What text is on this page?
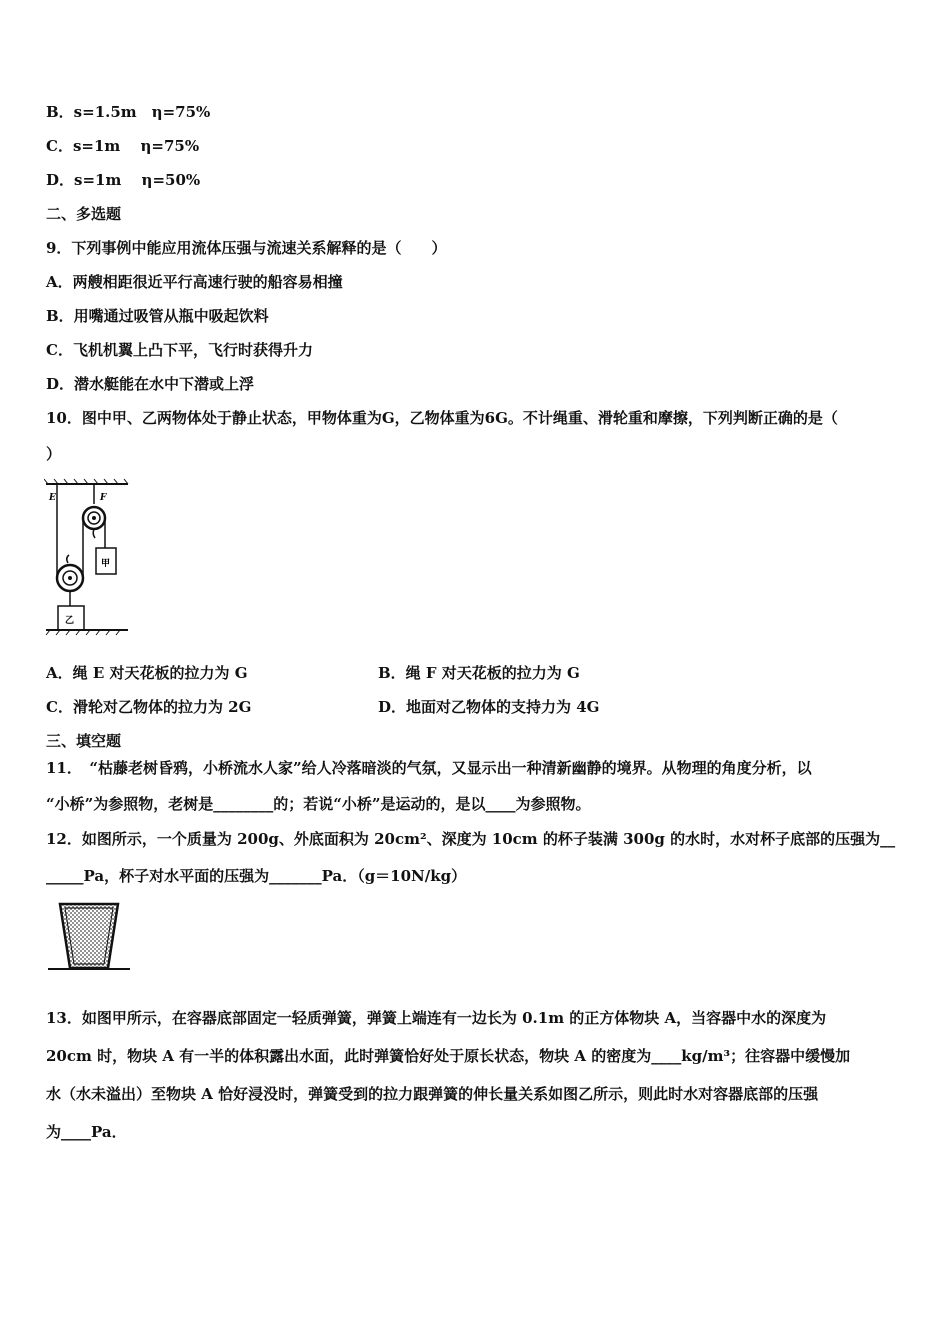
B．s=1.5m　η=75%
C．s=1m　 η=75%
D．s=1m　 η=50%
二、多选题
9．下列事例中能应用流体压强与流速关系解释的是（　　）
A．两艘相距很近平行高速行驶的船容易相撞
B．用嘴通过吸管从瓶中吸起饮料
C．飞机机翼上凸下平，飞行时获得升力
D．潜水艇能在水中下潜或上浮
10．图中甲、乙两物体处于静止状态，甲物体重为G，乙物体重为6G。不计绳重、滑轮重和摩擦，下列判断正确的是（
）
E	F
甲
乙
A．绳 E 对天花板的拉力为 G	B．绳 F 对天花板的拉力为 G
C．滑轮对乙物体的拉力为 2G	D．地面对乙物体的支持力为 4G
三、填空题
11．　“枯藤老树昏鸦，小桥流水人家”给人冷落暗淡的气氛，又显示出一种清新幽静的境界。从物理的角度分析，以
“小桥”为参照物，老树是________的；若说“小桥”是运动的，是以____为参照物。
12．如图所示，一个质量为 200g、外底面积为 20cm²、深度为 10cm 的杯子装满 300g 的水时，水对杯子底部的压强为__
_____Pa，杯子对水平面的压强为_______Pa．（g＝10N/kg）
13．如图甲所示，在容器底部固定一轻质弹簧，弹簧上端连有一边长为 0.1m 的正方体物块 A，当容器中水的深度为
20cm 时，物块 A 有一半的体积露出水面，此时弹簧恰好处于原长状态，物块 A 的密度为____kg/m³；往容器中缓慢加
水（水未溢出）至物块 A 恰好浸没时，弹簧受到的拉力跟弹簧的伸长量关系如图乙所示，则此时水对容器底部的压强
为____Pa．
